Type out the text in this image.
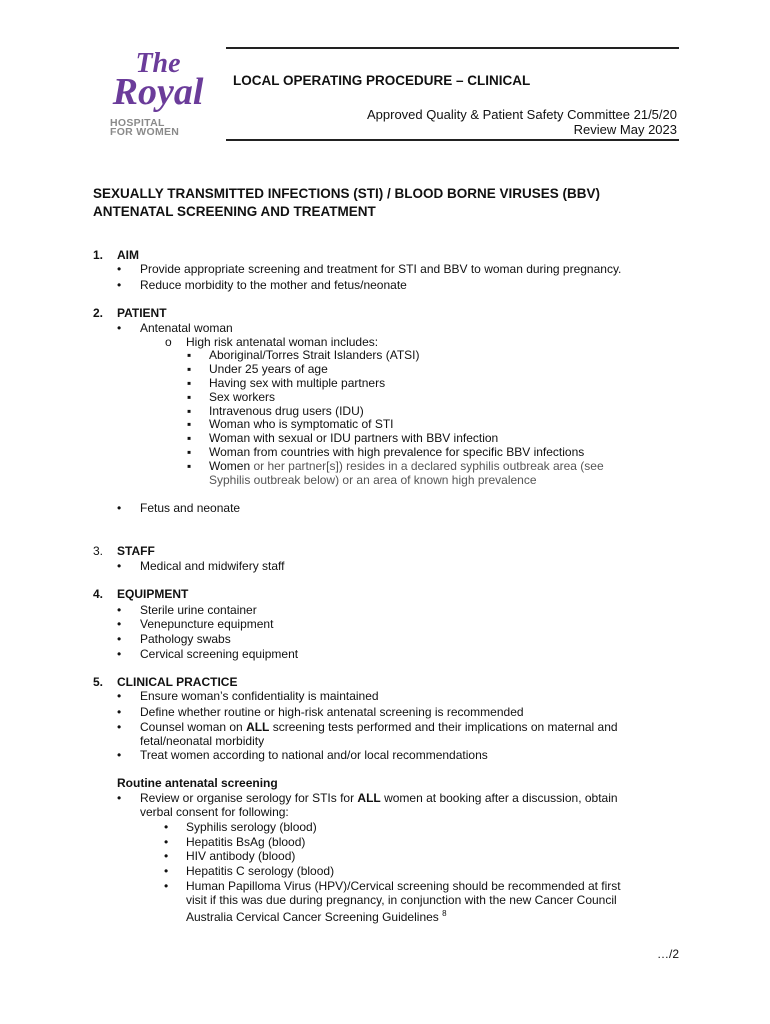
The
Royal
HOSPITAL
FOR WOMEN
LOCAL OPERATING PROCEDURE – CLINICAL
Approved Quality & Patient Safety Committee 21/5/20
Review May 2023
SEXUALLY TRANSMITTED INFECTIONS (STI) / BLOOD BORNE VIRUSES (BBV)
ANTENATAL SCREENING AND TREATMENT
1. AIM
• Provide appropriate screening and treatment for STI and BBV to woman during pregnancy.
• Reduce morbidity to the mother and fetus/neonate
2. PATIENT
• Antenatal woman
o High risk antenatal woman includes:
▪ Aboriginal/Torres Strait Islanders (ATSI)
▪ Under 25 years of age
▪ Having sex with multiple partners
▪ Sex workers
▪ Intravenous drug users (IDU)
▪ Woman who is symptomatic of STI
▪ Woman with sexual or IDU partners with BBV infection
▪ Woman from countries with high prevalence for specific BBV infections
▪ Women or her partner[s]) resides in a declared syphilis outbreak area (see
Syphilis outbreak below) or an area of known high prevalence
• Fetus and neonate
3. STAFF
• Medical and midwifery staff
4. EQUIPMENT
• Sterile urine container
• Venepuncture equipment
• Pathology swabs
• Cervical screening equipment
5. CLINICAL PRACTICE
• Ensure woman’s confidentiality is maintained
• Define whether routine or high-risk antenatal screening is recommended
• Counsel woman on ALL screening tests performed and their implications on maternal and
fetal/neonatal morbidity
• Treat women according to national and/or local recommendations
Routine antenatal screening
• Review or organise serology for STIs for ALL women at booking after a discussion, obtain
verbal consent for following:
• Syphilis serology (blood)
• Hepatitis BsAg (blood)
• HIV antibody (blood)
• Hepatitis C serology (blood)
• Human Papilloma Virus (HPV)/Cervical screening should be recommended at first
visit if this was due during pregnancy, in conjunction with the new Cancer Council
Australia Cervical Cancer Screening Guidelines $^8$
…/2
